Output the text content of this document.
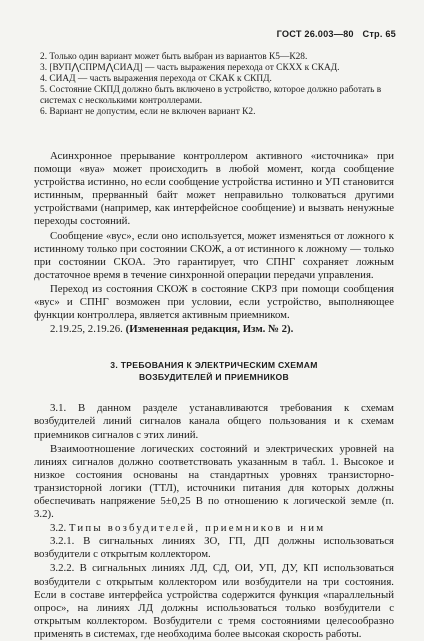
ГОСТ 26.003—80 Стр. 65

2. Только один вариант может быть выбран из вариантов К5—К28.

3. [ВУП⋀СПРМ⋀СИАД] — часть выражения перехода от СКХХ к СКАД.

4. СИАД — часть выражения перехода от СКАК к СКПД.

5. Состояние СКПД должно быть включено в устройство, которое должно работать в системах с несколькими контроллерами.

6. Вариант не допустим, если не включен вариант К2.

Асинхронное прерывание контроллером активного «источника» при помощи «вуа» может происходить в любой момент, когда сообщение устройства истинно, но если сообщение устройства истинно и УП становится истинным, прерванный байт может неправильно толковаться другими устройствами (например, как интерфейсное сообщение) и вызвать ненужные переходы состояний.

Сообщение «вус», если оно используется, может изменяться от ложного к истинному только при состоянии СКОЖ, а от истинного к ложному — только при состоянии СКОА. Это гарантирует, что СПНГ сохраняет ложным достаточное время в течение синхронной операции передачи управления.

Переход из состояния СКОЖ в состояние СКРЗ при помощи сообщения «вус» и СПНГ возможен при условии, если устройство, выполняющее функции контроллера, является активным приемником.

2.19.25, 2.19.26. (Измененная редакция, Изм. № 2).

3. ТРЕБОВАНИЯ К ЭЛЕКТРИЧЕСКИМ СХЕМАМ
ВОЗБУДИТЕЛЕЙ И ПРИЕМНИКОВ

3.1. В данном разделе устанавливаются требования к схемам возбудителей линий сигналов канала общего пользования и к схемам приемников сигналов с этих линий.

Взаимоотношение логических состояний и электрических уровней на линиях сигналов должно соответствовать указанным в табл. 1. Высокое и низкое состояния основаны на стандартных уровнях транзисторно-транзисторной логики (ТТЛ), источники питания для которых должны обеспечивать напряжение 5±0,25 В по отношению к логической земле (п. 3.2).

3.2. Типы возбудителей, приемников и ним

3.2.1. В сигнальных линиях ЗО, ГП, ДП должны использоваться возбудители с открытым коллектором.

3.2.2. В сигнальных линиях ЛД, СД, ОИ, УП, ДУ, КП использоваться возбудители с открытым коллектором или возбудители на три состояния. Если в составе интерфейса устройства содержится функция «параллельный опрос», на линиях ЛД должны использоваться только возбудители с открытым коллектором. Возбудители с тремя состояниями целесообразно применять в системах, где необходима более высокая скорость работы.
